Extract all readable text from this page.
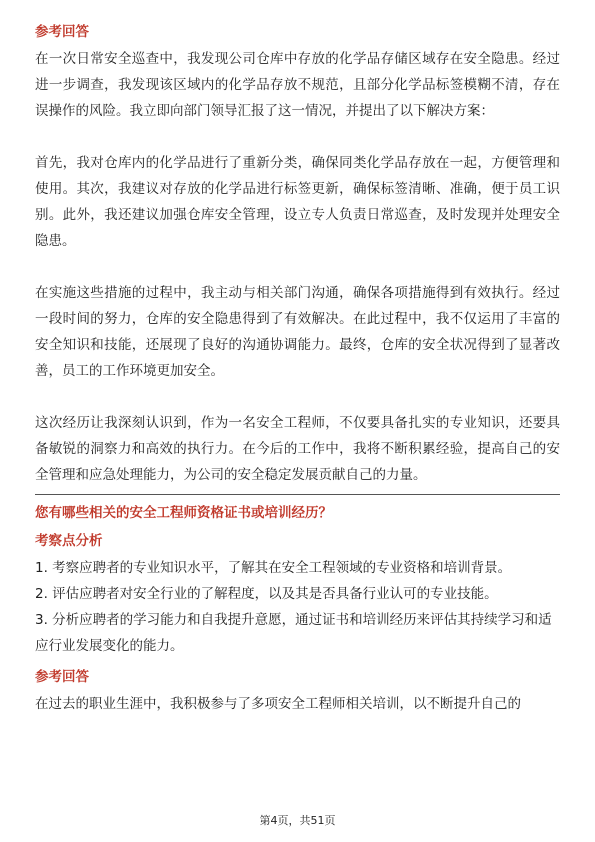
参考回答

在一次日常安全巡查中，我发现公司仓库中存放的化学品存储区域存在安全隐患。经过进一步调查，我发现该区域内的化学品存放不规范，且部分化学品标签模糊不清，存在误操作的风险。我立即向部门领导汇报了这一情况，并提出了以下解决方案：

首先，我对仓库内的化学品进行了重新分类，确保同类化学品存放在一起，方便管理和使用。其次，我建议对存放的化学品进行标签更新，确保标签清晰、准确，便于员工识别。此外，我还建议加强仓库安全管理，设立专人负责日常巡查，及时发现并处理安全隐患。

在实施这些措施的过程中，我主动与相关部门沟通，确保各项措施得到有效执行。经过一段时间的努力，仓库的安全隐患得到了有效解决。在此过程中，我不仅运用了丰富的安全知识和技能，还展现了良好的沟通协调能力。最终，仓库的安全状况得到了显著改善，员工的工作环境更加安全。

这次经历让我深刻认识到，作为一名安全工程师，不仅要具备扎实的专业知识，还要具备敏锐的洞察力和高效的执行力。在今后的工作中，我将不断积累经验，提高自己的安全管理和应急处理能力，为公司的安全稳定发展贡献自己的力量。

您有哪些相关的安全工程师资格证书或培训经历？
考察点分析

1. 考察应聘者的专业知识水平，了解其在安全工程领域的专业资格和培训背景。

2. 评估应聘者对安全行业的了解程度，以及其是否具备行业认可的专业技能。

3. 分析应聘者的学习能力和自我提升意愿，通过证书和培训经历来评估其持续学习和适应行业发展变化的能力。

参考回答

在过去的职业生涯中，我积极参与了多项安全工程师相关培训，以不断提升自己的

第4页，共51页
